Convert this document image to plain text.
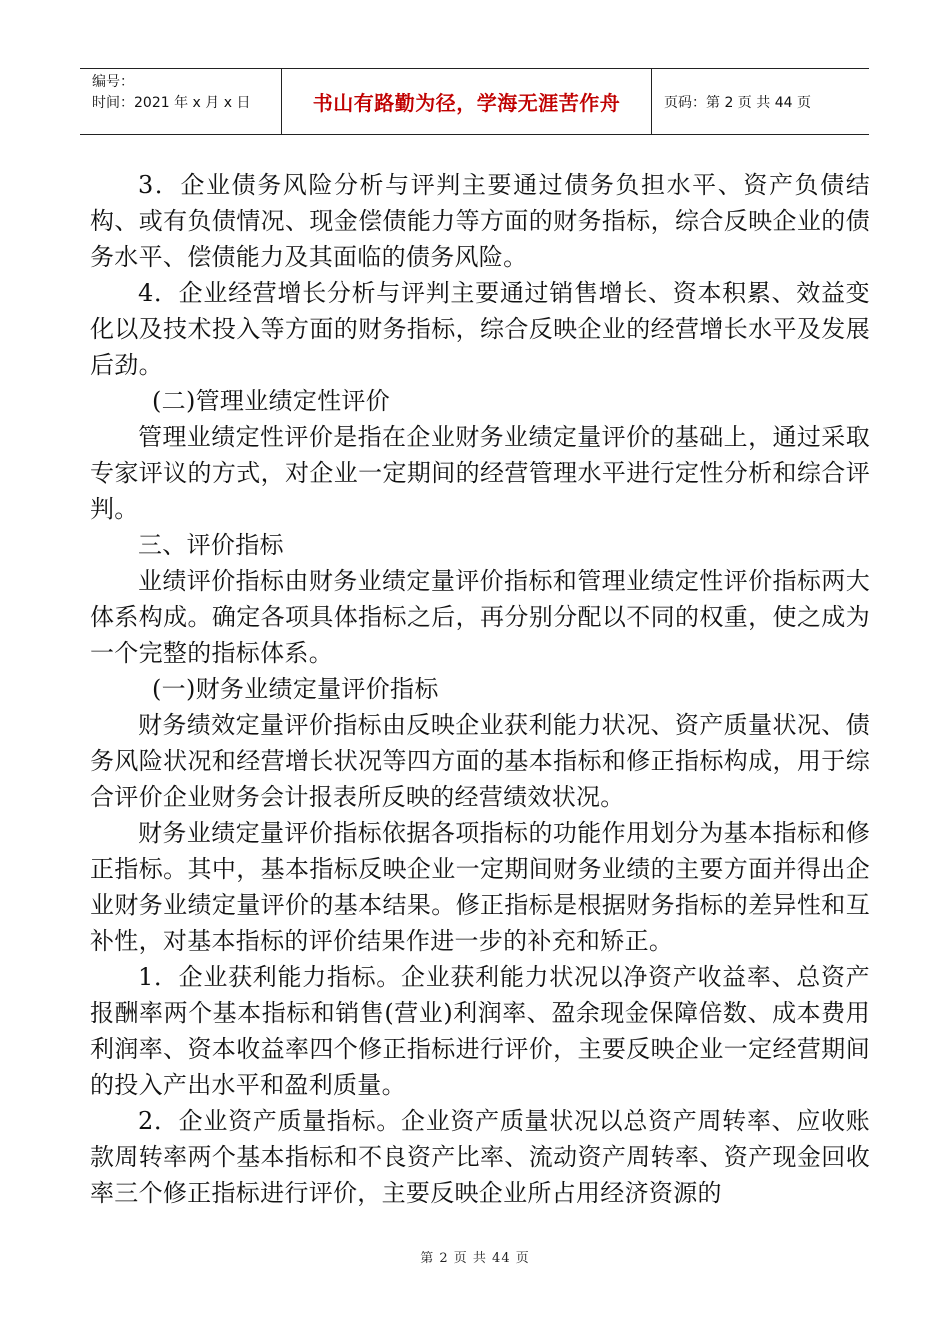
编号：
时间：2021 年 x 月 x 日	书山有路勤为径，学海无涯苦作舟	页码：第 2 页 共 44 页

3．企业债务风险分析与评判主要通过债务负担水平、资产负债结构、或有负债情况、现金偿债能力等方面的财务指标，综合反映企业的债务水平、偿债能力及其面临的债务风险。

4．企业经营增长分析与评判主要通过销售增长、资本积累、效益变化以及技术投入等方面的财务指标，综合反映企业的经营增长水平及发展后劲。

(二)管理业绩定性评价

管理业绩定性评价是指在企业财务业绩定量评价的基础上，通过采取专家评议的方式，对企业一定期间的经营管理水平进行定性分析和综合评判。

三、评价指标

业绩评价指标由财务业绩定量评价指标和管理业绩定性评价指标两大体系构成。确定各项具体指标之后，再分别分配以不同的权重，使之成为一个完整的指标体系。

(一)财务业绩定量评价指标

财务绩效定量评价指标由反映企业获利能力状况、资产质量状况、债务风险状况和经营增长状况等四方面的基本指标和修正指标构成，用于综合评价企业财务会计报表所反映的经营绩效状况。

财务业绩定量评价指标依据各项指标的功能作用划分为基本指标和修正指标。其中，基本指标反映企业一定期间财务业绩的主要方面并得出企业财务业绩定量评价的基本结果。修正指标是根据财务指标的差异性和互补性，对基本指标的评价结果作进一步的补充和矫正。

1．企业获利能力指标。企业获利能力状况以净资产收益率、总资产报酬率两个基本指标和销售(营业)利润率、盈余现金保障倍数、成本费用利润率、资本收益率四个修正指标进行评价，主要反映企业一定经营期间的投入产出水平和盈利质量。

2．企业资产质量指标。企业资产质量状况以总资产周转率、应收账款周转率两个基本指标和不良资产比率、流动资产周转率、资产现金回收率三个修正指标进行评价，主要反映企业所占用经济资源的

第 2 页 共 44 页
